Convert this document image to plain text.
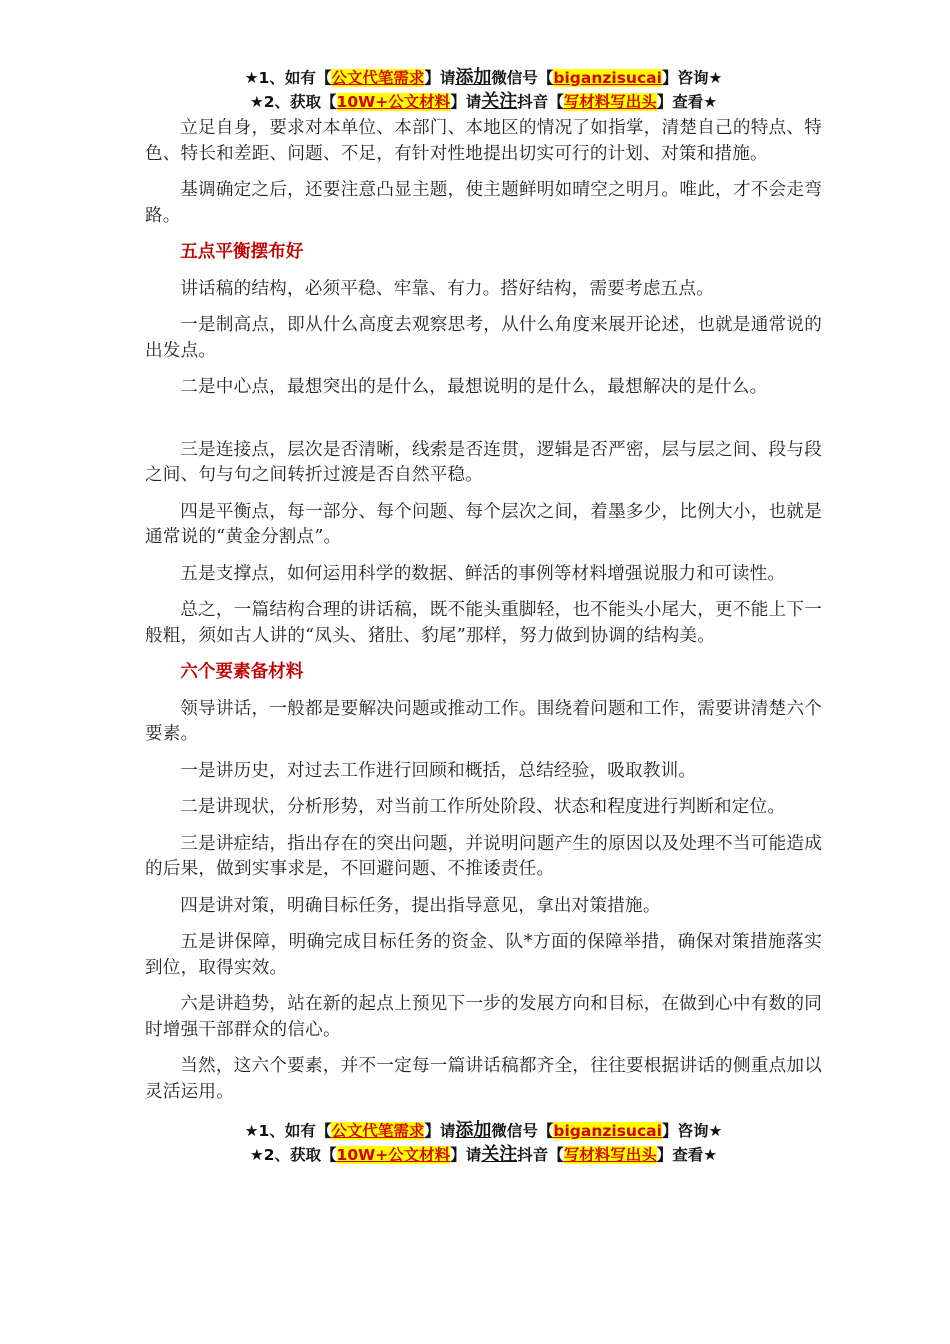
★1、如有【公文代笔需求】请添加微信号【biganzisucai】咨询★
★2、获取【10W+公文材料】请关注抖音【写材料写出头】查看★

立足自身，要求对本单位、本部门、本地区的情况了如指掌，清楚自己的特点、特色、特长和差距、问题、不足，有针对性地提出切实可行的计划、对策和措施。

基调确定之后，还要注意凸显主题，使主题鲜明如晴空之明月。唯此，才不会走弯路。

五点平衡摆布好

讲话稿的结构，必须平稳、牢靠、有力。搭好结构，需要考虑五点。

一是制高点，即从什么高度去观察思考，从什么角度来展开论述，也就是通常说的出发点。

二是中心点，最想突出的是什么，最想说明的是什么，最想解决的是什么。

三是连接点，层次是否清晰，线索是否连贯，逻辑是否严密，层与层之间、段与段之间、句与句之间转折过渡是否自然平稳。

四是平衡点，每一部分、每个问题、每个层次之间，着墨多少，比例大小，也就是通常说的“黄金分割点”。

五是支撑点，如何运用科学的数据、鲜活的事例等材料增强说服力和可读性。

总之，一篇结构合理的讲话稿，既不能头重脚轻，也不能头小尾大，更不能上下一般粗，须如古人讲的“凤头、猪肚、豹尾”那样，努力做到协调的结构美。

六个要素备材料

领导讲话，一般都是要解决问题或推动工作。围绕着问题和工作，需要讲清楚六个要素。

一是讲历史，对过去工作进行回顾和概括，总结经验，吸取教训。

二是讲现状，分析形势，对当前工作所处阶段、状态和程度进行判断和定位。

三是讲症结，指出存在的突出问题，并说明问题产生的原因以及处理不当可能造成的后果，做到实事求是，不回避问题、不推诿责任。

四是讲对策，明确目标任务，提出指导意见，拿出对策措施。

五是讲保障，明确完成目标任务的资金、队*方面的保障举措，确保对策措施落实到位，取得实效。

六是讲趋势，站在新的起点上预见下一步的发展方向和目标，在做到心中有数的同时增强干部群众的信心。

当然，这六个要素，并不一定每一篇讲话稿都齐全，往往要根据讲话的侧重点加以灵活运用。

★1、如有【公文代笔需求】请添加微信号【biganzisucai】咨询★
★2、获取【10W+公文材料】请关注抖音【写材料写出头】查看★
